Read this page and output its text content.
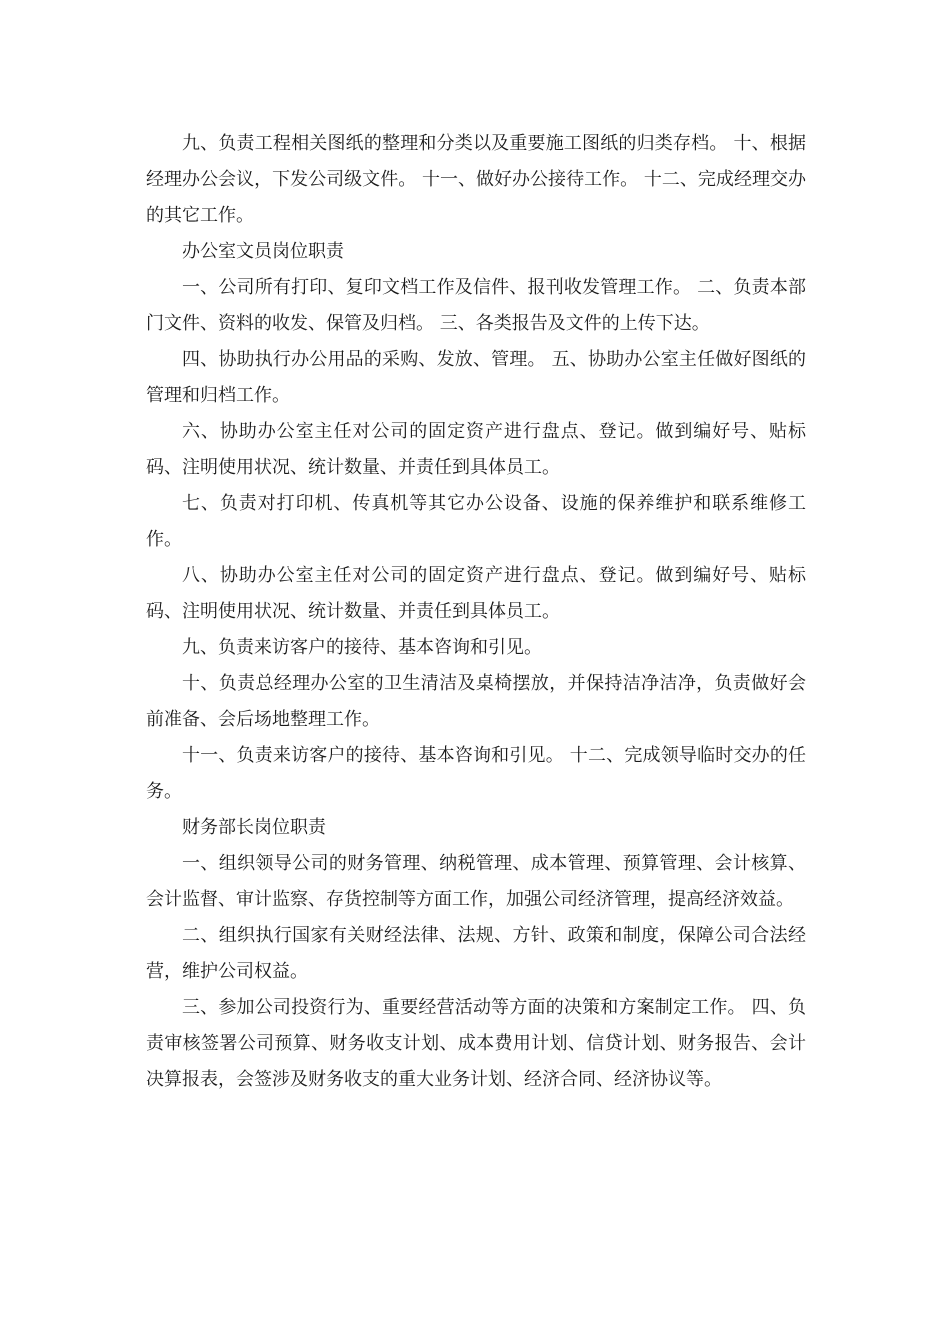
九、负责工程相关图纸的整理和分类以及重要施工图纸的归类存档。 十、根据经理办公会议，下发公司级文件。 十一、做好办公接待工作。 十二、完成经理交办的其它工作。

办公室文员岗位职责

一、公司所有打印、复印文档工作及信件、报刊收发管理工作。 二、负责本部门文件、资料的收发、保管及归档。 三、各类报告及文件的上传下达。

四、协助执行办公用品的采购、发放、管理。 五、协助办公室主任做好图纸的管理和归档工作。

六、协助办公室主任对公司的固定资产进行盘点、登记。做到编好号、贴标码、注明使用状况、统计数量、并责任到具体员工。

七、负责对打印机、传真机等其它办公设备、设施的保养维护和联系维修工作。

八、协助办公室主任对公司的固定资产进行盘点、登记。做到编好号、贴标码、注明使用状况、统计数量、并责任到具体员工。

九、负责来访客户的接待、基本咨询和引见。

十、负责总经理办公室的卫生清洁及桌椅摆放，并保持洁净洁净，负责做好会前准备、会后场地整理工作。

十一、负责来访客户的接待、基本咨询和引见。 十二、完成领导临时交办的任务。

财务部长岗位职责

一、组织领导公司的财务管理、纳税管理、成本管理、预算管理、会计核算、会计监督、审计监察、存货控制等方面工作，加强公司经济管理，提高经济效益。

二、组织执行国家有关财经法律、法规、方针、政策和制度，保障公司合法经营，维护公司权益。

三、参加公司投资行为、重要经营活动等方面的决策和方案制定工作。 四、负责审核签署公司预算、财务收支计划、成本费用计划、信贷计划、财务报告、会计决算报表，会签涉及财务收支的重大业务计划、经济合同、经济协议等。
